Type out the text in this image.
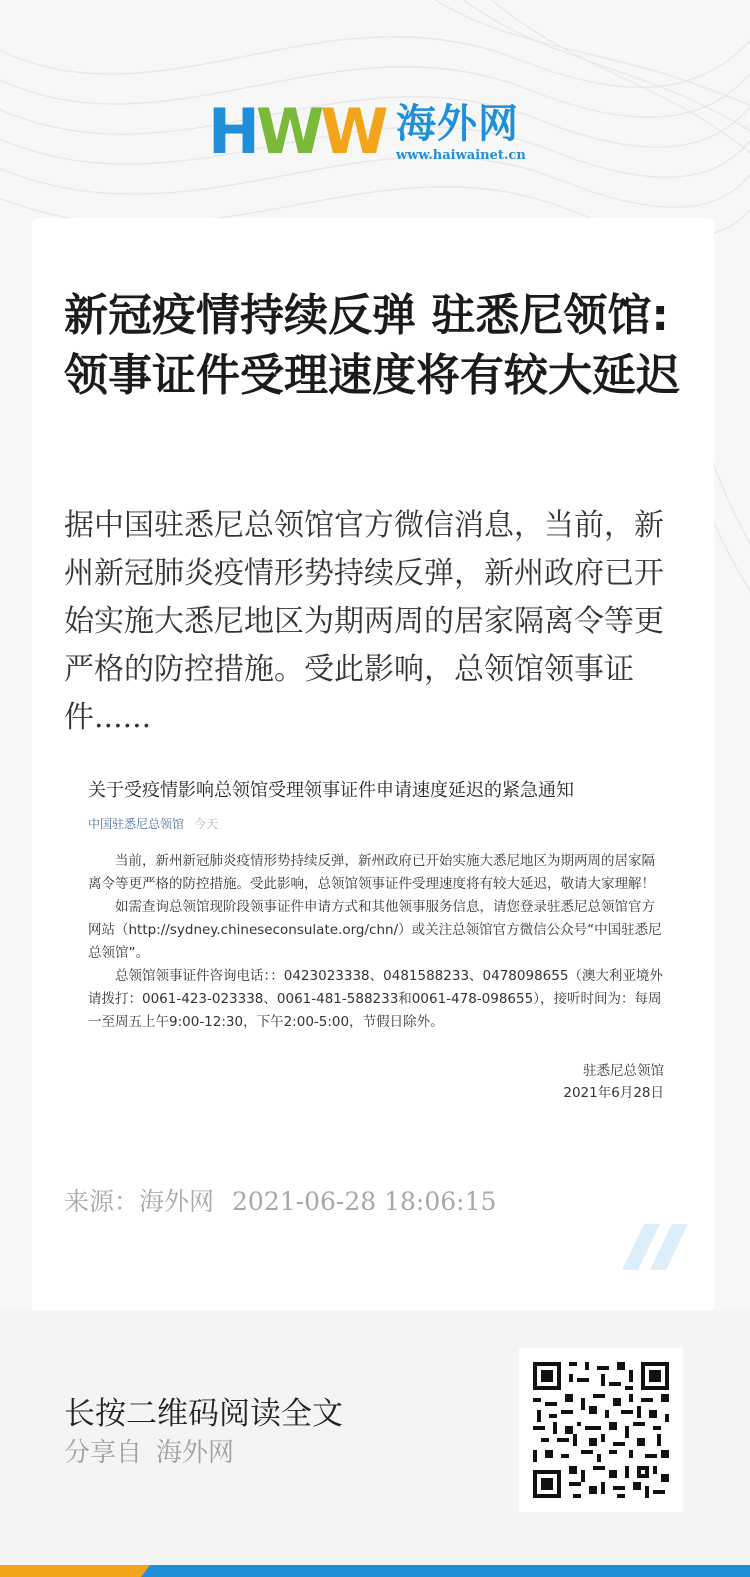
HWW 海外网
www.haiwainet.cn
新冠疫情持续反弹 驻悉尼领馆:领事证件受理速度将有较大延迟
据中国驻悉尼总领馆官方微信消息，当前，新州新冠肺炎疫情形势持续反弹，新州政府已开始实施大悉尼地区为期两周的居家隔离令等更严格的防控措施。受此影响，总领馆领事证件......
关于受疫情影响总领馆受理领事证件申请速度延迟的紧急通知
中国驻悉尼总领馆 今天

当前，新州新冠肺炎疫情形势持续反弹，新州政府已开始实施大悉尼地区为期两周的居家隔离令等更严格的防控措施。受此影响，总领馆领事证件受理速度将有较大延迟，敬请大家理解！

如需查询总领馆现阶段领事证件申请方式和其他领事服务信息，请您登录驻悉尼总领馆官方网站（http://sydney.chineseconsulate.org/chn/）或关注总领馆官方微信公众号“中国驻悉尼总领馆”。

总领馆领事证件咨询电话：：0423023338、0481588233、0478098655（澳大利亚境外请拨打：0061-423-023338、0061-481-588233和0061-478-098655），接听时间为：每周一至周五上午9:00-12:30，下午2:00-5:00，节假日除外。

驻悉尼总领馆
2021年6月28日
来源：海外网 2021-06-28 18:06:15
长按二维码阅读全文
分享自 海外网
